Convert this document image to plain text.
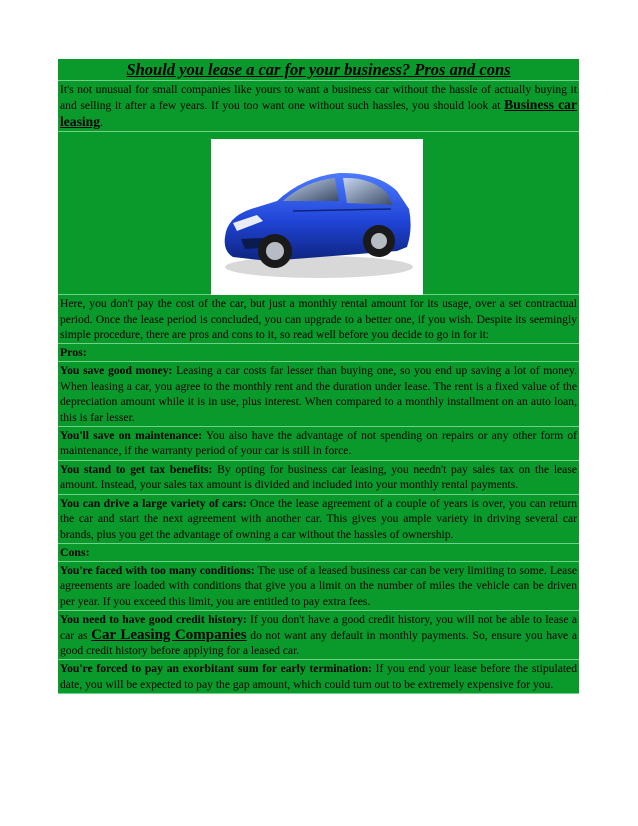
Should you lease a car for your business? Pros and cons
It's not unusual for small companies like yours to want a business car without the hassle of actually buying it and selling it after a few years. If you too want one without such hassles, you should look at Business car leasing.
Here, you don't pay the cost of the car, but just a monthly rental amount for its usage, over a set contractual period. Once the lease period is concluded, you can upgrade to a better one, if you wish. Despite its seemingly simple procedure, there are pros and cons to it, so read well before you decide to go in for it:
Pros:
You save good money: Leasing a car costs far lesser than buying one, so you end up saving a lot of money. When leasing a car, you agree to the monthly rent and the duration under lease. The rent is a fixed value of the depreciation amount while it is in use, plus interest. When compared to a monthly installment on an auto loan, this is far lesser.
You'll save on maintenance: You also have the advantage of not spending on repairs or any other form of maintenance, if the warranty period of your car is still in force.
You stand to get tax benefits: By opting for business car leasing, you needn't pay sales tax on the lease amount. Instead, your sales tax amount is divided and included into your monthly rental payments.
You can drive a large variety of cars: Once the lease agreement of a couple of years is over, you can return the car and start the next agreement with another car. This gives you ample variety in driving several car brands, plus you get the advantage of owning a car without the hassles of ownership.
Cons:
You're faced with too many conditions: The use of a leased business car can be very limiting to some. Lease agreements are loaded with conditions that give you a limit on the number of miles the vehicle can be driven per year. If you exceed this limit, you are entitled to pay extra fees.
You need to have good credit history: If you don't have a good credit history, you will not be able to lease a car as Car Leasing Companies do not want any default in monthly payments. So, ensure you have a good credit history before applying for a leased car.
You're forced to pay an exorbitant sum for early termination: If you end your lease before the stipulated date, you will be expected to pay the gap amount, which could turn out to be extremely expensive for you.
